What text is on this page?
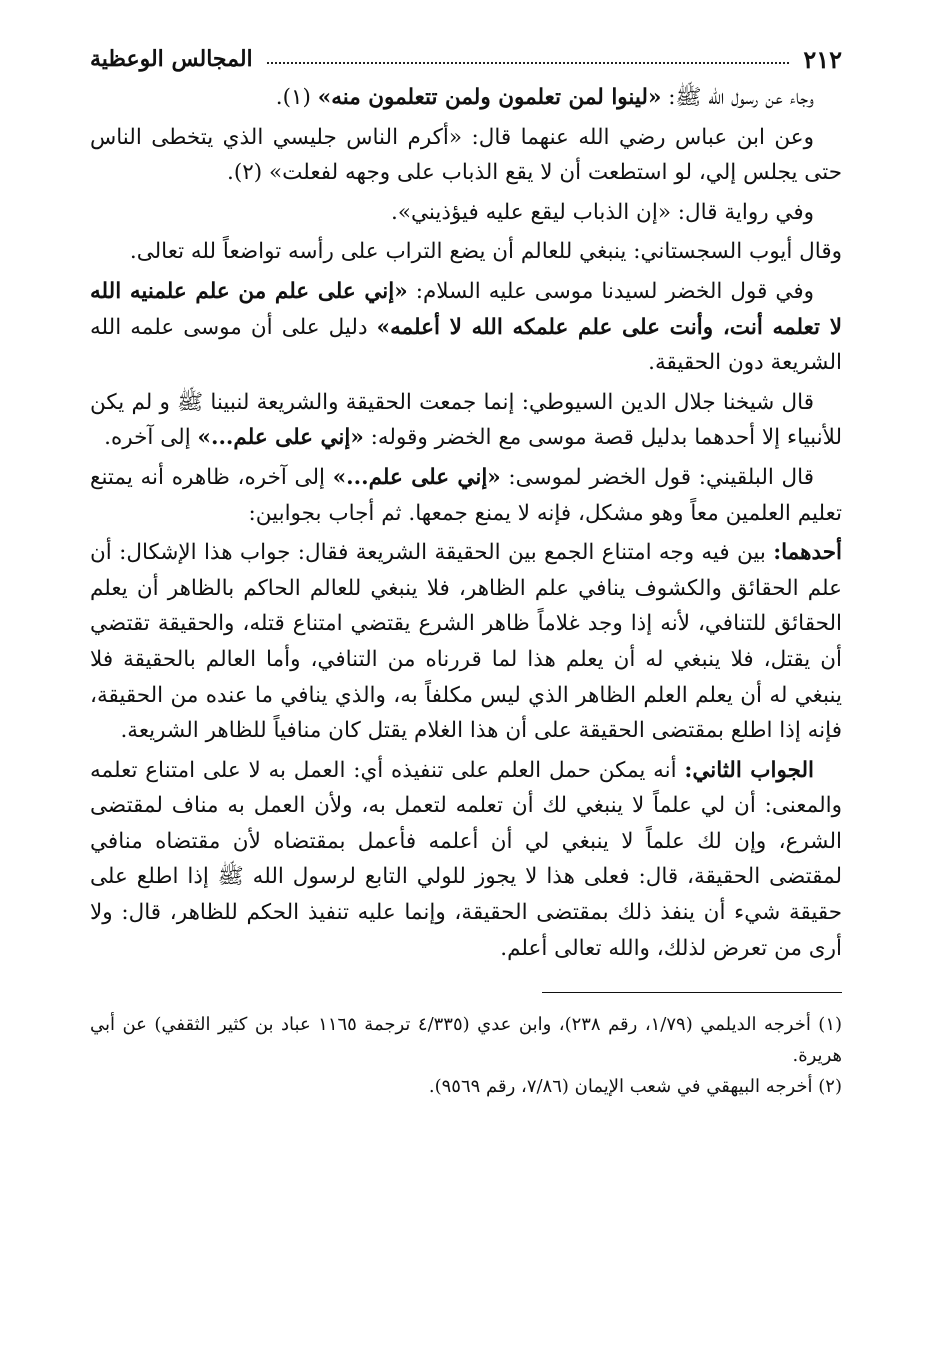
٢١٢
المجالس الوعظية

وجاء عن رسول الله ﷺ: «لينوا لمن تعلمون ولمن تتعلمون منه» (١).

وعن ابن عباس رضي الله عنهما قال: «أكرم الناس جليسي الذي يتخطى الناس حتى يجلس إلي، لو استطعت أن لا يقع الذباب على وجهه لفعلت» (٢).

وفي رواية قال: «إن الذباب ليقع عليه فيؤذيني».

وقال أيوب السجستاني: ينبغي للعالم أن يضع التراب على رأسه تواضعاً لله تعالى.

وفي قول الخضر لسيدنا موسى عليه السلام: «إني على علم من علم علمنيه الله لا تعلمه أنت، وأنت على علم علمكه الله لا أعلمه» دليل على أن موسى علمه الله الشريعة دون الحقيقة.

قال شيخنا جلال الدين السيوطي: إنما جمعت الحقيقة والشريعة لنبينا ﷺ و لم يكن للأنبياء إلا أحدهما بدليل قصة موسى مع الخضر وقوله: «إني على علم...» إلى آخره.

قال البلقيني: قول الخضر لموسى: «إني على علم...» إلى آخره، ظاهره أنه يمتنع تعليم العلمين معاً وهو مشكل، فإنه لا يمنع جمعها. ثم أجاب بجوابين:

أحدهما: بين فيه وجه امتناع الجمع بين الحقيقة الشريعة فقال: جواب هذا الإشكال: أن علم الحقائق والكشوف ينافي علم الظاهر، فلا ينبغي للعالم الحاكم بالظاهر أن يعلم الحقائق للتنافي، لأنه إذا وجد غلاماً ظاهر الشرع يقتضي امتناع قتله، والحقيقة تقتضي أن يقتل، فلا ينبغي له أن يعلم هذا لما قررناه من التنافي، وأما العالم بالحقيقة فلا ينبغي له أن يعلم العلم الظاهر الذي ليس مكلفاً به، والذي ينافي ما عنده من الحقيقة، فإنه إذا اطلع بمقتضى الحقيقة على أن هذا الغلام يقتل كان منافياً للظاهر الشريعة.

الجواب الثاني: أنه يمكن حمل العلم على تنفيذه أي: العمل به لا على امتناع تعلمه والمعنى: أن لي علماً لا ينبغي لك أن تعلمه لتعمل به، ولأن العمل به مناف لمقتضى الشرع، وإن لك علماً لا ينبغي لي أن أعلمه فأعمل بمقتضاه لأن مقتضاه منافي لمقتضى الحقيقة، قال: فعلى هذا لا يجوز للولي التابع لرسول الله ﷺ إذا اطلع على حقيقة شيء أن ينفذ ذلك بمقتضى الحقيقة، وإنما عليه تنفيذ الحكم للظاهر، قال: ولا أرى من تعرض لذلك، والله تعالى أعلم.

(١) أخرجه الديلمي (١/٧٩، رقم ٢٣٨)، وابن عدي (٤/٣٣٥ ترجمة ١١٦٥ عباد بن كثير الثقفي) عن أبي هريرة.

(٢) أخرجه البيهقي في شعب الإيمان (٧/٨٦، رقم ٩٥٦٩).
